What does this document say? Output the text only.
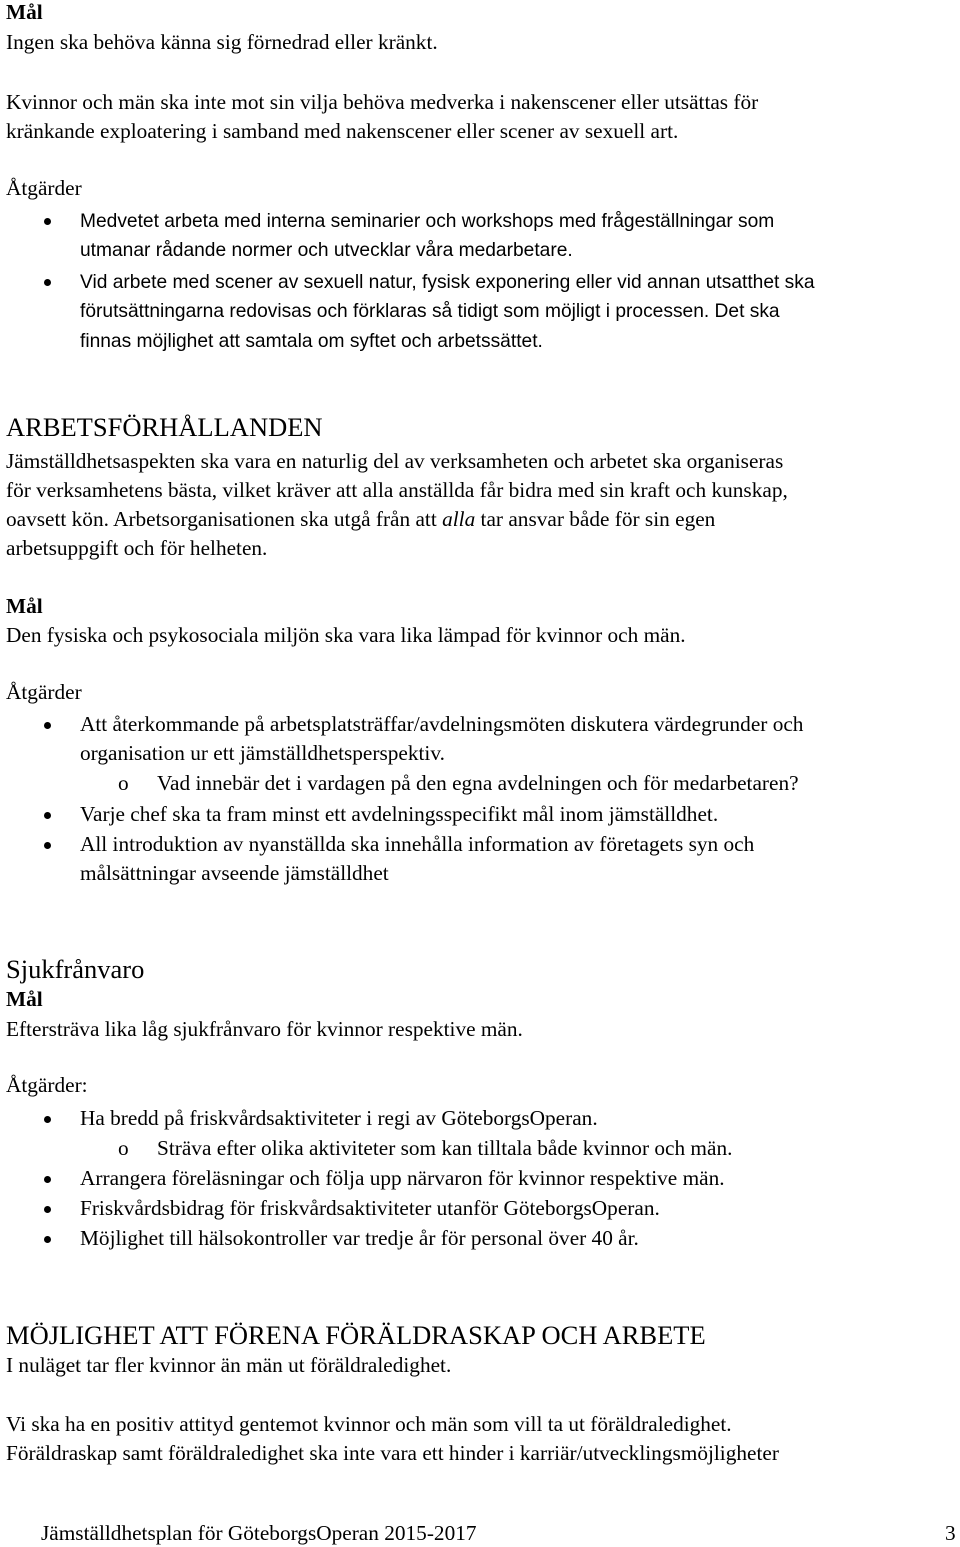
Mål
Ingen ska behöva känna sig förnedrad eller kränkt.
Kvinnor och män ska inte mot sin vilja behöva medverka i nakenscener eller utsättas för
kränkande exploatering i samband med nakenscener eller scener av sexuell art.
Åtgärder
Medvetet arbeta med interna seminarier och workshops med frågeställningar som
utmanar rådande normer och utvecklar våra medarbetare.
Vid arbete med scener av sexuell natur, fysisk exponering eller vid annan utsatthet ska
förutsättningarna redovisas och förklaras så tidigt som möjligt i processen. Det ska
finnas möjlighet att samtala om syftet och arbetssättet.
ARBETSFÖRHÅLLANDEN
Jämställdhetsaspekten ska vara en naturlig del av verksamheten och arbetet ska organiseras
för verksamhetens bästa, vilket kräver att alla anställda får bidra med sin kraft och kunskap,
oavsett kön. Arbetsorganisationen ska utgå från att alla tar ansvar både för sin egen
arbetsuppgift och för helheten.
Mål
Den fysiska och psykosociala miljön ska vara lika lämpad för kvinnor och män.
Åtgärder
Att återkommande på arbetsplatsträffar/avdelningsmöten diskutera värdegrunder och
organisation ur ett jämställdhetsperspektiv.
o Vad innebär det i vardagen på den egna avdelningen och för medarbetaren?
Varje chef ska ta fram minst ett avdelningsspecifikt mål inom jämställdhet.
All introduktion av nyanställda ska innehålla information av företagets syn och
målsättningar avseende jämställdhet
Sjukfrånvaro
Mål
Eftersträva lika låg sjukfrånvaro för kvinnor respektive män.
Åtgärder:
Ha bredd på friskvårdsaktiviteter i regi av GöteborgsOperan.
o Sträva efter olika aktiviteter som kan tilltala både kvinnor och män.
Arrangera föreläsningar och följa upp närvaron för kvinnor respektive män.
Friskvårdsbidrag för friskvårdsaktiviteter utanför GöteborgsOperan.
Möjlighet till hälsokontroller var tredje år för personal över 40 år.
MÖJLIGHET ATT FÖRENA FÖRÄLDRASKAP OCH ARBETE
I nuläget tar fler kvinnor än män ut föräldraledighet.
Vi ska ha en positiv attityd gentemot kvinnor och män som vill ta ut föräldraledighet.
Föräldraskap samt föräldraledighet ska inte vara ett hinder i karriär/utvecklingsmöjligheter
Jämställdhetsplan för GöteborgsOperan 2015-2017	3
